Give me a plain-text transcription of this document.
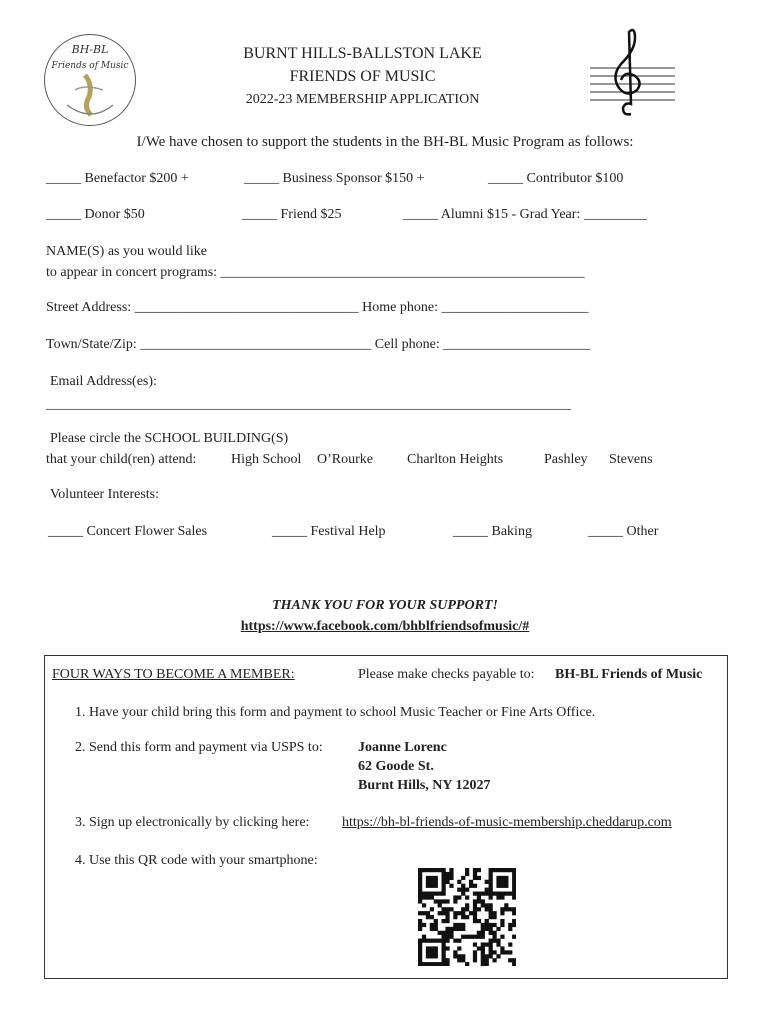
BH-BL
Friends of Music
BURNT HILLS-BALLSTON LAKE
FRIENDS OF MUSIC
2022-23 MEMBERSHIP APPLICATION
I/We have chosen to support the students in the BH-BL Music Program as follows:
_____ Benefactor $200 +	_____ Business Sponsor $150 +	_____ Contributor $100
_____ Donor $50	_____ Friend $25	_____ Alumni $15 - Grad Year: _________
NAME(S) as you would like
to appear in concert programs: ____________________________________________________
Street Address: ________________________________ Home phone: _____________________
Town/State/Zip: _________________________________ Cell phone: _____________________
Email Address(es):
___________________________________________________________________________
Please circle the SCHOOL BUILDING(S)
that your child(ren) attend: High School O’Rourke Charlton Heights	Pashley Stevens
Volunteer Interests:
_____ Concert Flower Sales	_____ Festival Help	_____ Baking	_____ Other
THANK YOU FOR YOUR SUPPORT!
https://www.facebook.com/bhblfriendsofmusic/#
FOUR WAYS TO BECOME A MEMBER:	Please make checks payable to: BH-BL Friends of Music
1. Have your child bring this form and payment to school Music Teacher or Fine Arts Office.
2. Send this form and payment via USPS to:	Joanne Lorenc
62 Goode St.
Burnt Hills, NY 12027
3. Sign up electronically by clicking here: https://bh-bl-friends-of-music-membership.cheddarup.com
4. Use this QR code with your smartphone:
